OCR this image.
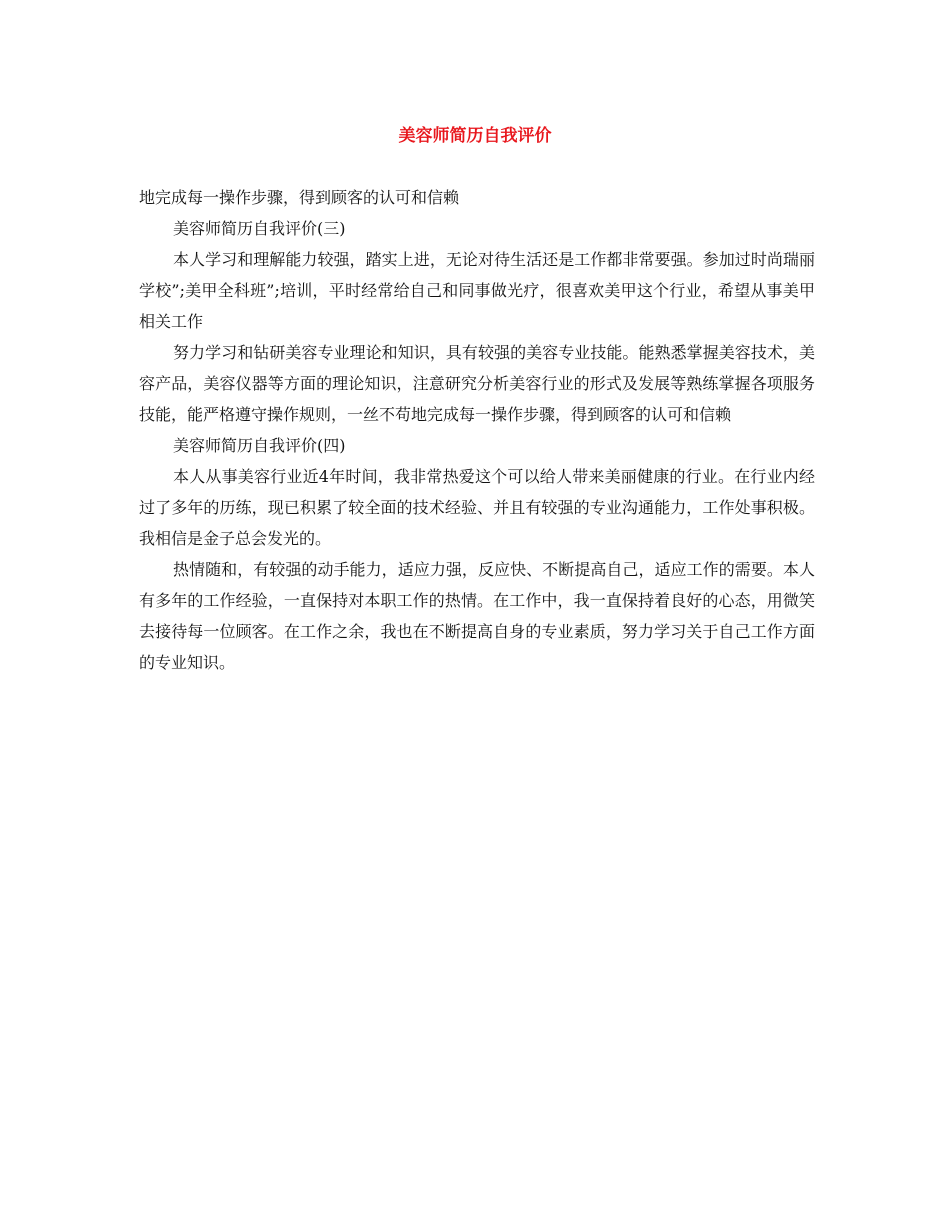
美容师简历自我评价

地完成每一操作步骤，得到顾客的认可和信赖

美容师简历自我评价(三)

本人学习和理解能力较强，踏实上进，无论对待生活还是工作都非常要强。参加过时尚瑞丽学校”;美甲全科班”;培训，平时经常给自己和同事做光疗，很喜欢美甲这个行业，希望从事美甲相关工作

努力学习和钻研美容专业理论和知识，具有较强的美容专业技能。能熟悉掌握美容技术，美容产品，美容仪器等方面的理论知识，注意研究分析美容行业的形式及发展等熟练掌握各项服务技能，能严格遵守操作规则，一丝不苟地完成每一操作步骤，得到顾客的认可和信赖

美容师简历自我评价(四)

本人从事美容行业近4年时间，我非常热爱这个可以给人带来美丽健康的行业。在行业内经过了多年的历练，现已积累了较全面的技术经验、并且有较强的专业沟通能力，工作处事积极。我相信是金子总会发光的。

热情随和，有较强的动手能力，适应力强，反应快、不断提高自己，适应工作的需要。本人有多年的工作经验，一直保持对本职工作的热情。在工作中，我一直保持着良好的心态，用微笑去接待每一位顾客。在工作之余，我也在不断提高自身的专业素质，努力学习关于自己工作方面的专业知识。
